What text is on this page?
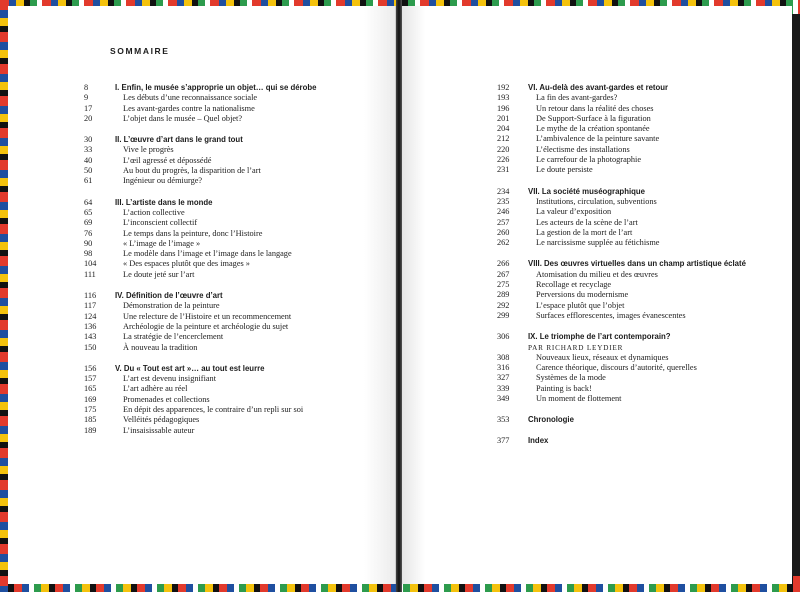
SOMMAIRE
8	I. Enfin, le musée s’approprie un objet… qui se dérobe
9	Les débuts d’une reconnaissance sociale
17	Les avant-gardes contre la nationalisme
20	L’objet dans le musée – Quel objet?
30	II. L’œuvre d’art dans le grand tout
33	Vive le progrès
40	L’œil agressé et dépossédé
50	Au bout du progrès, la disparition de l’art
61	Ingénieur ou démiurge?
64	III. L’artiste dans le monde
65	L’action collective
69	L’inconscient collectif
76	Le temps dans la peinture, donc l’Histoire
90	« L’image de l’image »
98	Le modèle dans l’image et l’image dans le langage
104	« Des espaces plutôt que des images »
111	Le doute jeté sur l’art
116	IV. Définition de l’œuvre d’art
117	Démonstration de la peinture
124	Une relecture de l’Histoire et un recommencement
136	Archéologie de la peinture et archéologie du sujet
143	La stratégie de l’encerclement
150	À nouveau la tradition
156	V. Du « Tout est art »… au tout est leurre
157	L’art est devenu insignifiant
165	L’art adhère au réel
169	Promenades et collections
175	En dépit des apparences, le contraire d’un repli sur soi
185	Velléités pédagogiques
189	L’insaisissable auteur
192	VI. Au-delà des avant-gardes et retour
193	La fin des avant-gardes?
196	Un retour dans la réalité des choses
201	De Support-Surface à la figuration
204	Le mythe de la création spontanée
212	L’ambivalence de la peinture savante
220	L’électisme des installations
226	Le carrefour de la photographie
231	Le doute persiste
234	VII. La société muséographique
235	Institutions, circulation, subventions
246	La valeur d’exposition
257	Les acteurs de la scène de l’art
260	La gestion de la mort de l’art
262	Le narcissisme supplée au fétichisme
266	VIII. Des œuvres virtuelles dans un champ artistique éclaté
267	Atomisation du milieu et des œuvres
275	Recollage et recyclage
289	Perversions du modernisme
292	L’espace plutôt que l’objet
299	Surfaces efflorescentes, images évanescentes
306	IX. Le triomphe de l’art contemporain?
PAR RICHARD LEYDIER
308	Nouveaux lieux, réseaux et dynamiques
316	Carence théorique, discours d’autorité, querelles
327	Systèmes de la mode
339	Painting is back!
349	Un moment de flottement
353	Chronologie
377	Index
